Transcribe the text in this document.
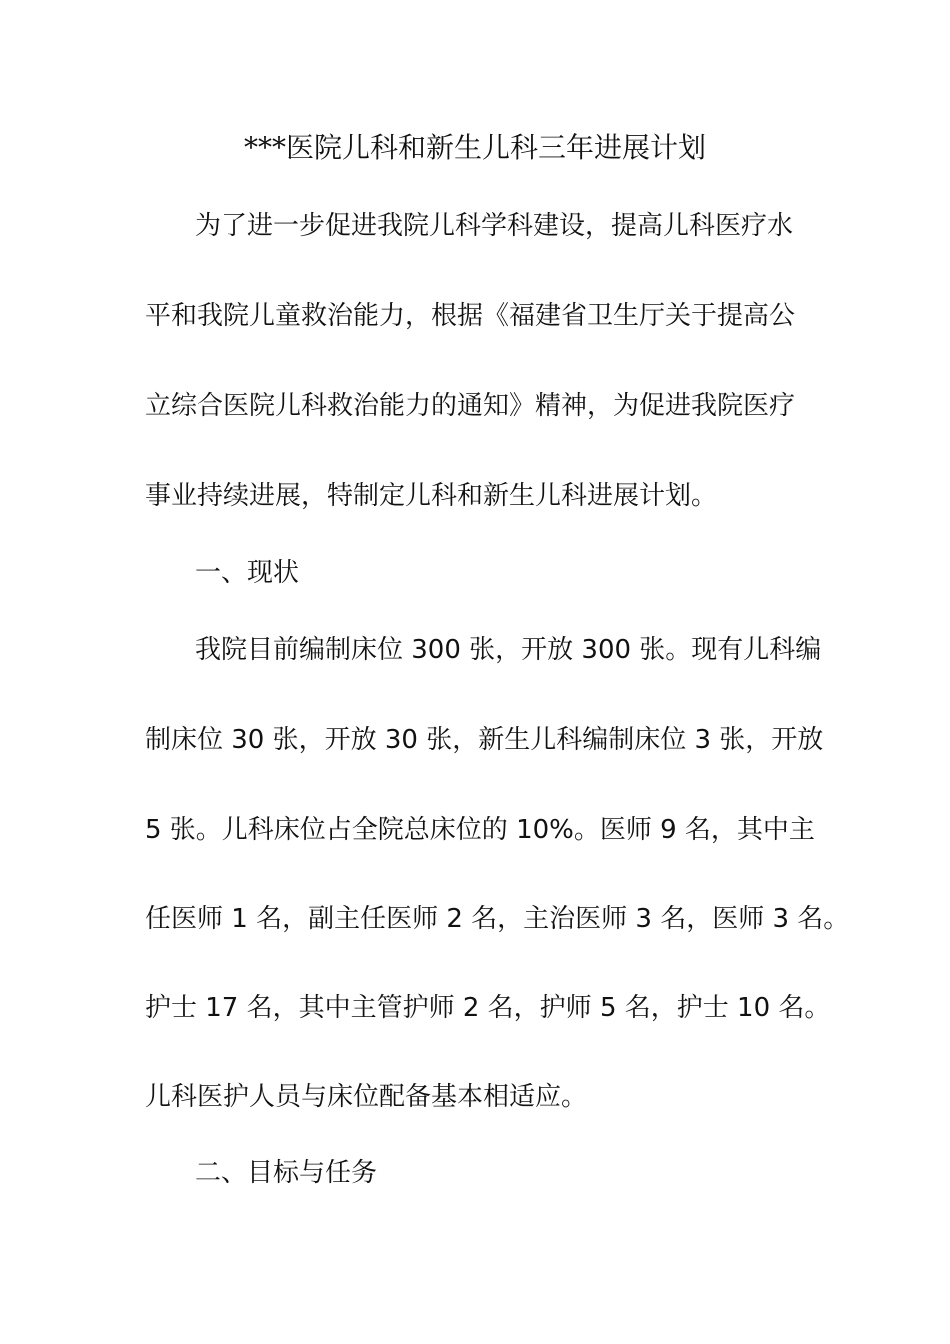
***医院儿科和新生儿科三年进展计划
为了进一步促进我院儿科学科建设，提高儿科医疗水
平和我院儿童救治能力，根据《福建省卫生厅关于提高公
立综合医院儿科救治能力的通知》精神，为促进我院医疗
事业持续进展，特制定儿科和新生儿科进展计划。
一、现状
我院目前编制床位 300 张，开放 300 张。现有儿科编
制床位 30 张，开放 30 张，新生儿科编制床位 3 张，开放
5 张。儿科床位占全院总床位的 10%。医师 9 名，其中主
任医师 1 名，副主任医师 2 名，主治医师 3 名，医师 3 名。
护士 17 名，其中主管护师 2 名，护师 5 名，护士 10 名。
儿科医护人员与床位配备基本相适应。
二、目标与任务
